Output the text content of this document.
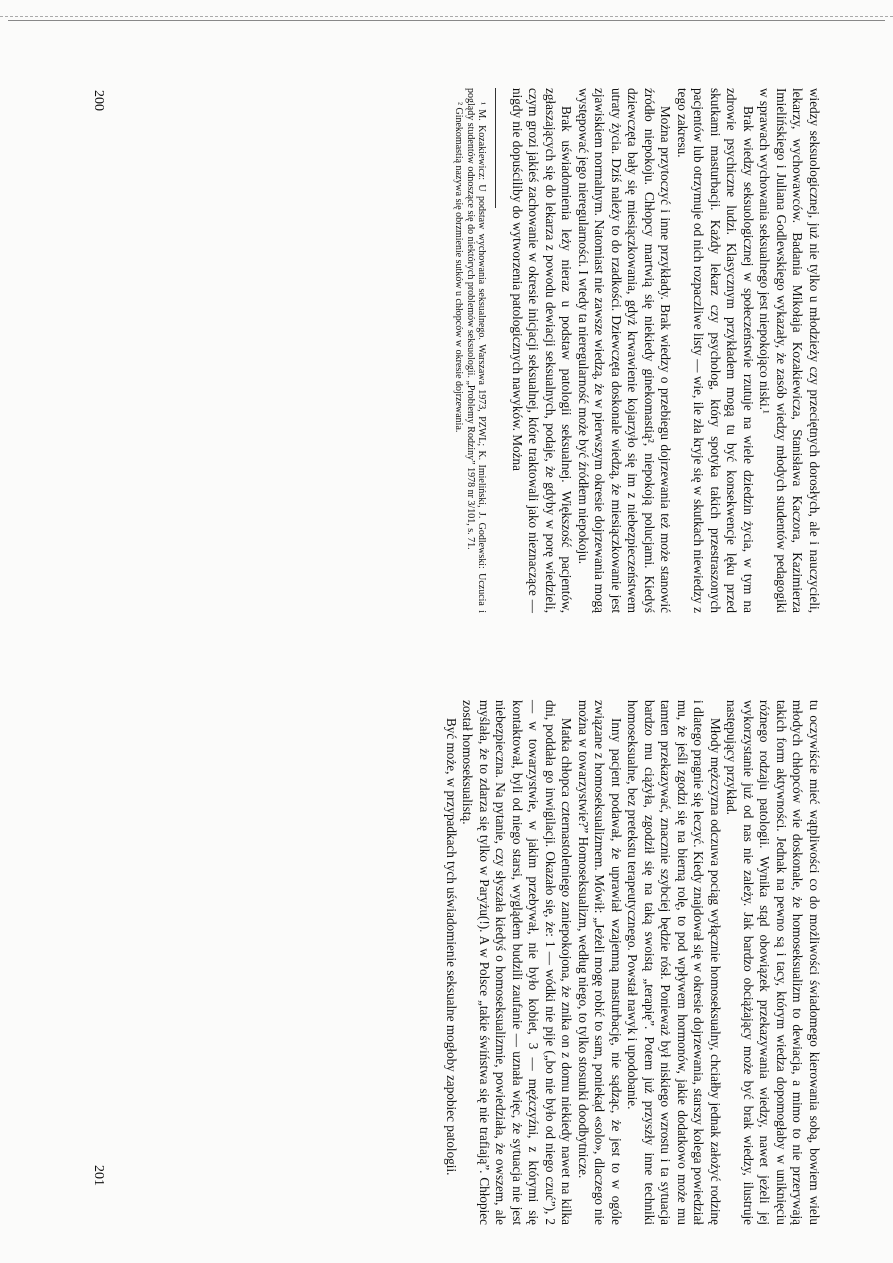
200	wiedzy seksuologicznej, już nie tylko u młodzieży czy przeciętnych dorosłych, ale i nauczycieli, lekarzy, wychowawców. Badania Mikołaja Kozakiewicza, Stanisława Kaczora, Kazimierza Imielińskiego i Juliana Godlewskiego wykazały, że zasób wiedzy młodych studentów pedagogiki w sprawach wychowania seksualnego jest niepokojąco niski.¹

Brak wiedzy seksuologicznej w społeczeństwie rzutuje na wiele dziedzin życia, w tym na zdrowie psychiczne ludzi. Klasycznym przykładem mogą tu być konsekwencje lęku przed skutkami masturbacji. Każdy lekarz czy psycholog, który spotyka takich przestraszonych pacjentów lub otrzymuje od nich rozpaczliwe listy — wie, ile zła kryje się w skutkach niewiedzy z tego zakresu.

Można przytoczyć i inne przykłady. Brak wiedzy o przebiegu dojrzewania też może stanowić źródło niepokoju. Chłopcy martwią się niekiedy ginekomastią², niepokoją polucjami. Kiedyś dziewczęta bały się miesiączkowania, gdyż krwawienie kojarzyło się im z niebezpieczeństwem utraty życia. Dziś należy to do rzadkości. Dziewczęta doskonale wiedzą, że miesiączkowanie jest zjawiskiem normalnym. Natomiast nie zawsze wiedzą, że w pierwszym okresie dojrzewania mogą występować jego nieregularności. I wtedy ta nieregularność może być źródłem niepokoju.

Brak uświadomienia leży nieraz u podstaw patologii seksualnej. Większość pacjentów, zgłaszających się do lekarza z powodu dewiacji seksualnych, podaje, że gdyby w porę wiedzieli, czym grozi jakieś zachowanie w okresie inicjacji seksualnej, które traktowali jako nieznaczące — nigdy nie dopuściliby do wytworzenia patologicznych nawyków. Można

¹ M. Kozakiewicz: U podstaw wychowania seksualnego. Warszawa 1973, PZWL; K. Imieliński, J. Godlewski: Uczucia i poglądy studentów odnoszące się do niektórych problemów seksuologii. „Problemy Rodziny” 1978 nr 3/101, s. 71.

² Ginekomastią nazywa się obrzmienie sutków u chłopców w okresie dojrzewania.

201	tu oczywiście mieć wątpliwości co do możliwości świadomego kierowania sobą, bowiem wielu młodych chłopców wie doskonale, że homoseksualizm to dewiacja, a mimo to nie przerywają takich form aktywności. Jednak na pewno są i tacy, którym wiedza dopomogłaby w uniknięciu różnego rodzaju patologii. Wynika stąd obowiązek przekazywania wiedzy, nawet jeżeli jej wykorzystanie już od nas nie zależy. Jak bardzo obciążający może być brak wiedzy, ilustruje następujący przykład.

Młody mężczyzna odczuwa pociąg wyłącznie homoseksualny, chciałby jednak założyć rodzinę i dlatego pragnie się leczyć. Kiedy znajdował się w okresie dojrzewania, starszy kolega powiedział mu, że jeśli zgodzi się na bierną rolę, to pod wpływem hormonów, jakie dodatkowo może mu tamten przekazywać, znacznie szybciej będzie rósł. Ponieważ był niskiego wzrostu i ta sytuacja bardzo mu ciążyła, zgodził się na taką swoistą „terapię”. Potem już przyszły inne techniki homoseksualne, bez pretekstu terapeutycznego. Powstał nawyk i upodobanie.

Inny pacjent podawał, że uprawiał wzajemną masturbację, nie sądząc, że jest to w ogóle związane z homoseksualizmem. Mówił: „Jeżeli mogę robić to sam, ponieka̜d «solo», dlaczego nie można w towarzystwie?” Homoseksualizm, według niego, to tylko stosunki doodbytnicze.

Matka chłopca czternastoletniego zaniepokojona, że znika on z domu niekiedy nawet na kilka dni, poddała go inwigilacji. Okazało się, że: 1 — wódki nie pije („bo nie było od niego czuć”), 2 — w towarzystwie, w jakim przebywał, nie było kobiet, 3 — mężczyźni, z którymi się kontaktował, byli od niego starsi, wyglądem budzili zaufanie — uznała więc, że sytuacja nie jest niebezpieczna. Na pytanie, czy słyszała kiedyś o homoseksualizmie, powiedziała, że owszem, ale myślała, że to zdarza się tylko w Paryżu(!). A w Polsce „takie świństwa się nie trafiają”. Chłopiec został homoseksualistą.

Być może, w przypadkach tych uświadomienie seksualne mogłoby zapobiec patologii.
